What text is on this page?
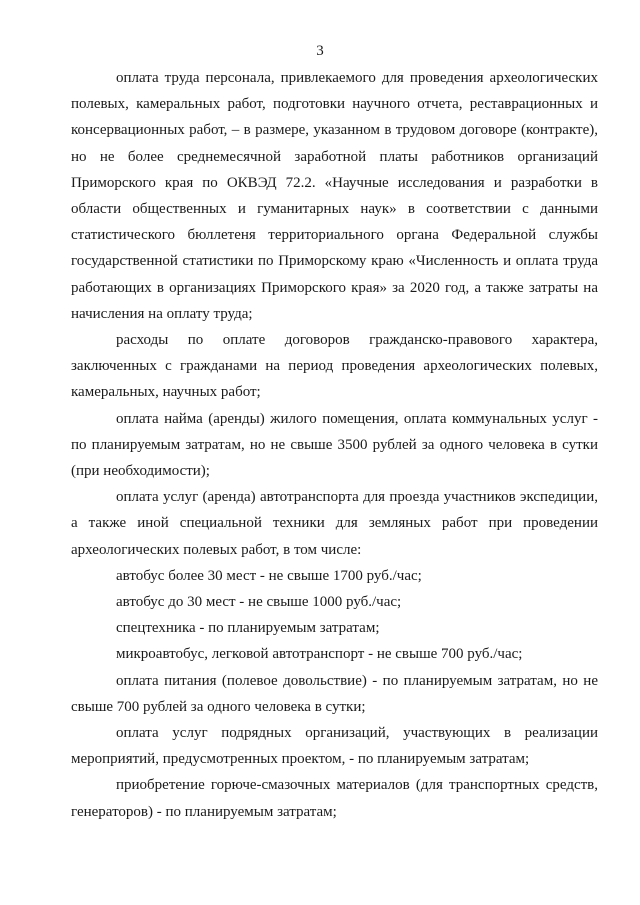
3

оплата труда персонала, привлекаемого для проведения археологических полевых, камеральных работ, подготовки научного отчета, реставрационных и консервационных работ, – в размере, указанном в трудовом договоре (контракте), но не более среднемесячной заработной платы работников организаций Приморского края по ОКВЭД 72.2. «Научные исследования и разработки в области общественных и гуманитарных наук» в соответствии с данными статистического бюллетеня территориального органа Федеральной службы государственной статистики по Приморскому краю «Численность и оплата труда работающих в организациях Приморского края» за 2020 год, а также затраты на начисления на оплату труда;

расходы по оплате договоров гражданско-правового характера, заключенных с гражданами на период проведения археологических полевых, камеральных, научных работ;

оплата найма (аренды) жилого помещения, оплата коммунальных услуг - по планируемым затратам, но не свыше 3500 рублей за одного человека в сутки (при необходимости);

оплата услуг (аренда) автотранспорта для проезда участников экспедиции, а также иной специальной техники для земляных работ при проведении археологических полевых работ, в том числе:

автобус более 30 мест - не свыше 1700 руб./час;

автобус до 30 мест - не свыше 1000 руб./час;

спецтехника - по планируемым затратам;

микроавтобус, легковой автотранспорт - не свыше 700 руб./час;

оплата питания (полевое довольствие) - по планируемым затратам, но не свыше 700 рублей за одного человека в сутки;

оплата услуг подрядных организаций, участвующих в реализации мероприятий, предусмотренных проектом, - по планируемым затратам;

приобретение горюче-смазочных материалов (для транспортных средств, генераторов) - по планируемым затратам;
